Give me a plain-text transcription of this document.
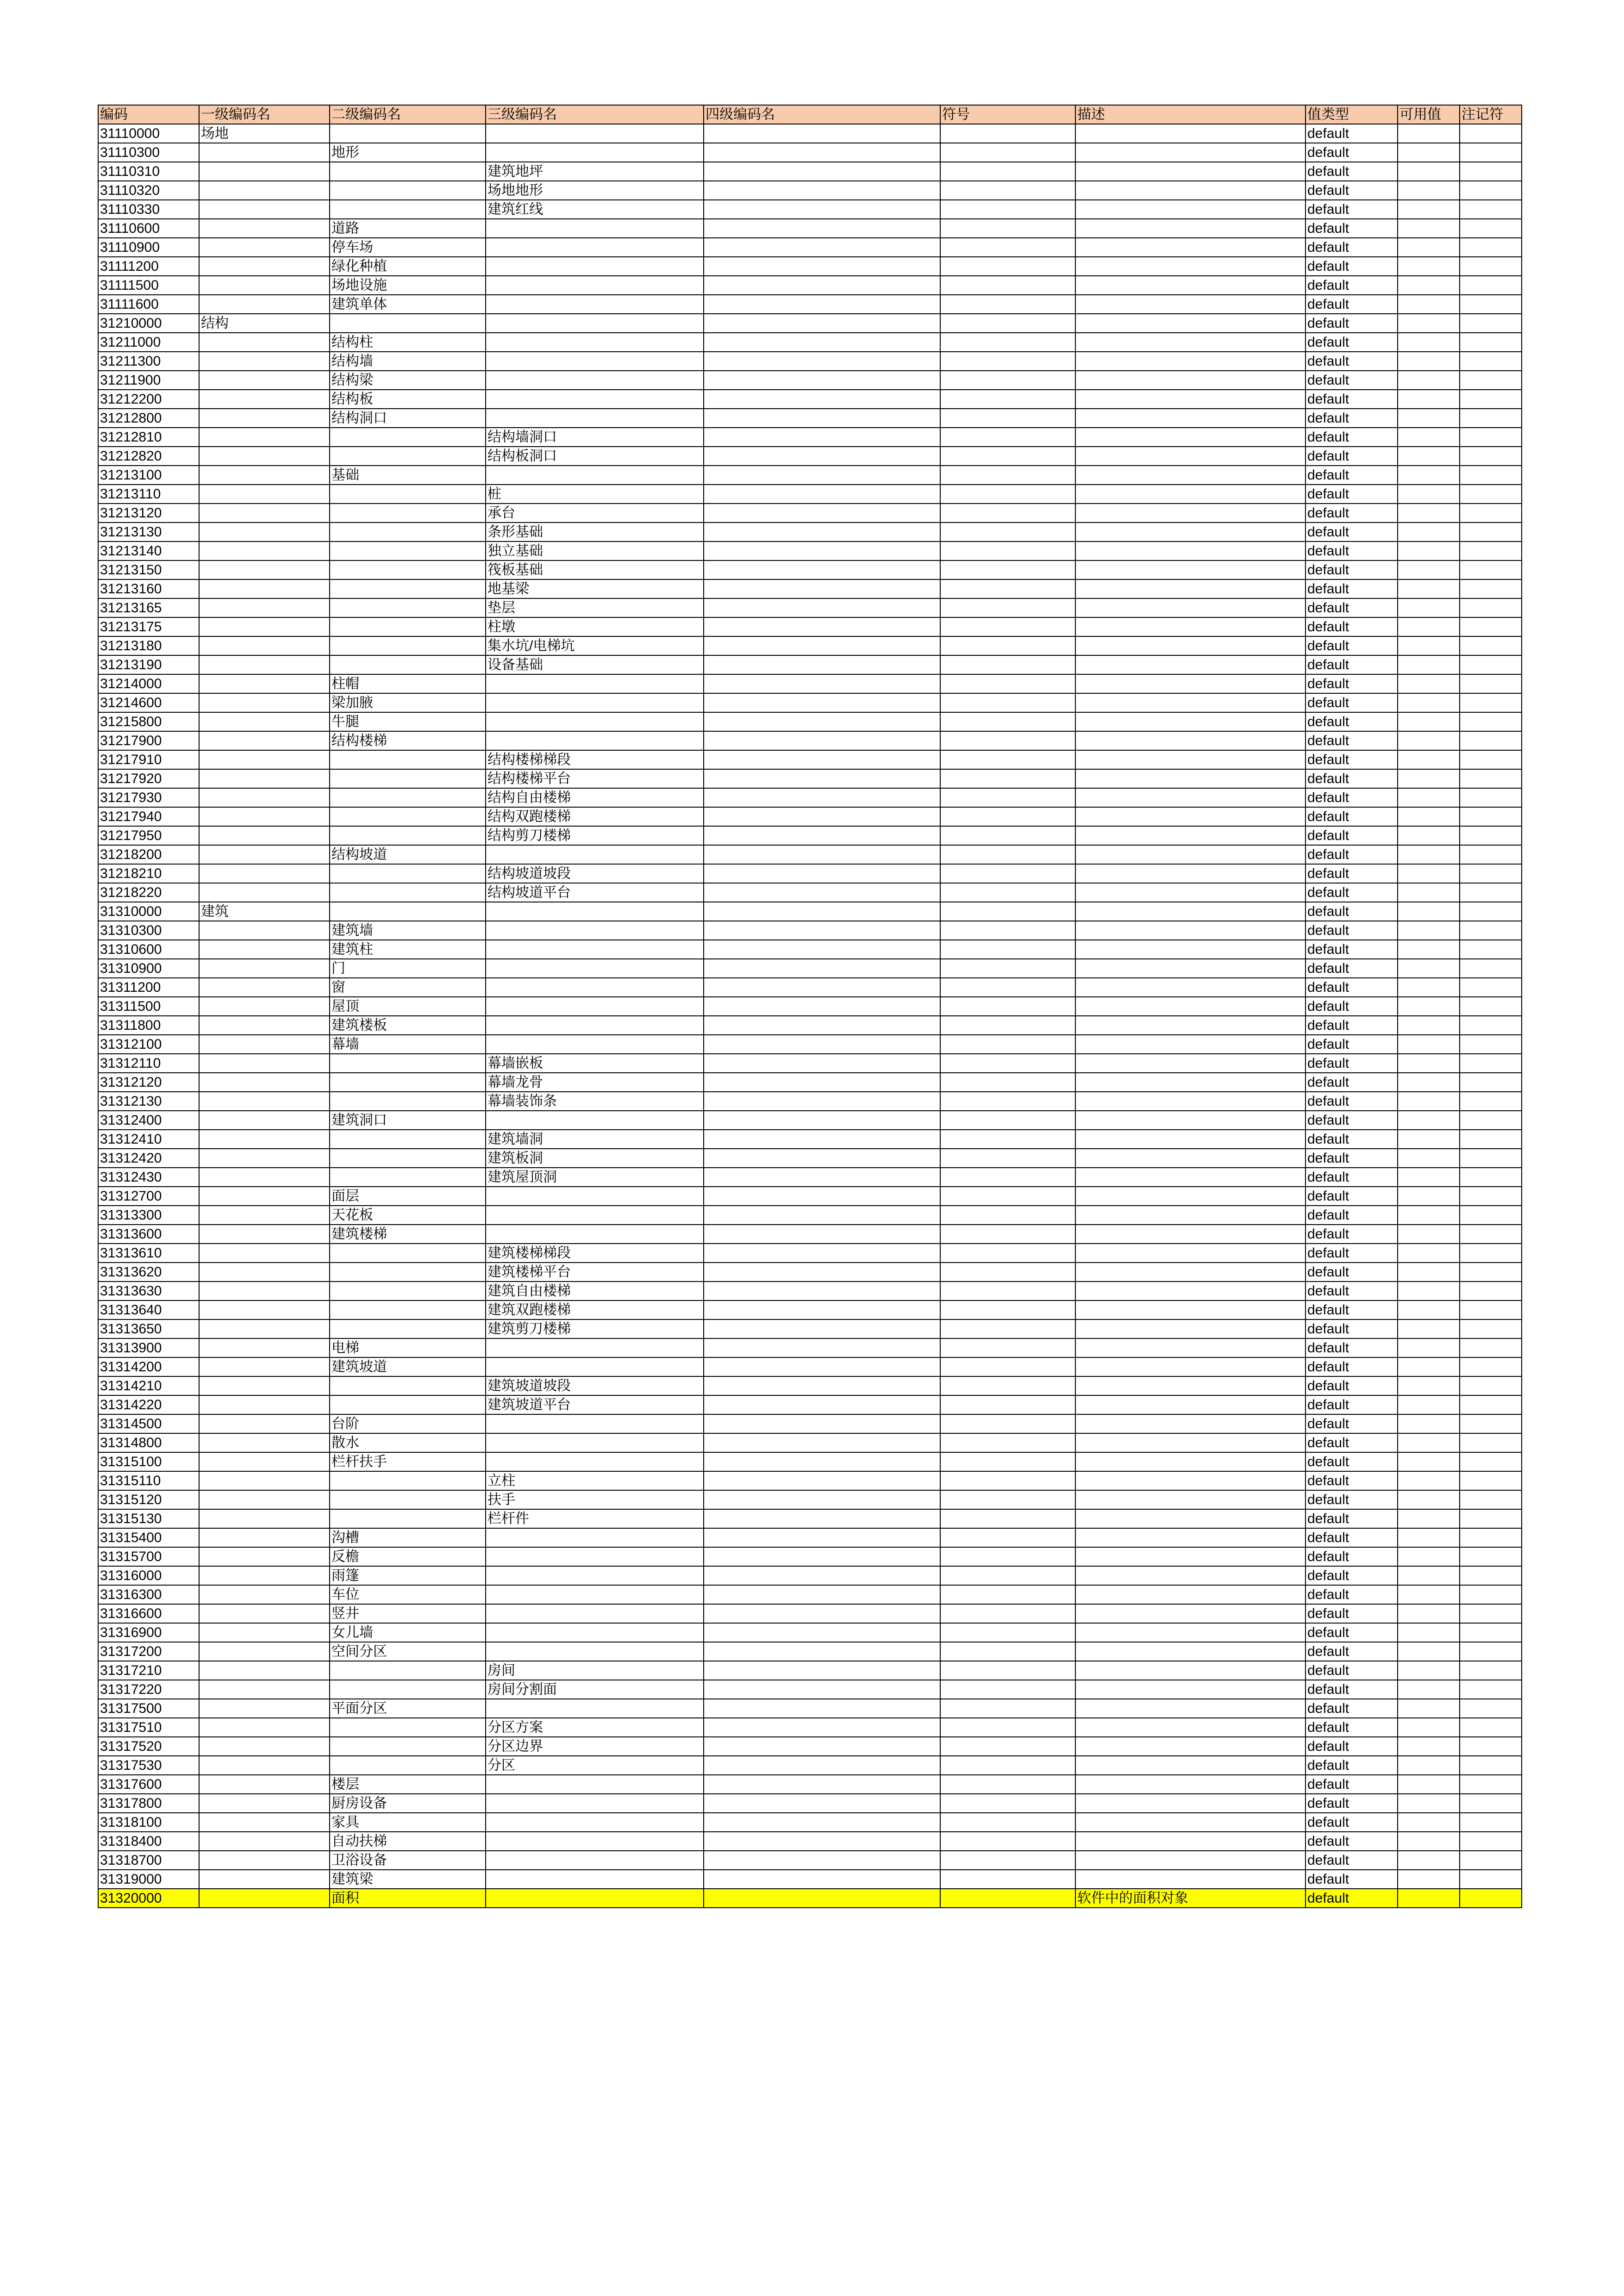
编码	一级编码名	二级编码名	三级编码名	四级编码名	符号	描述	值类型	可用值	注记符
31110000	场地						default		
31110300		地形					default		
31110310			建筑地坪				default		
31110320			场地地形				default		
31110330			建筑红线				default		
31110600		道路					default		
31110900		停车场					default		
31111200		绿化种植					default		
31111500		场地设施					default		
31111600		建筑单体					default		
31210000	结构						default		
31211000		结构柱					default		
31211300		结构墙					default		
31211900		结构梁					default		
31212200		结构板					default		
31212800		结构洞口					default		
31212810			结构墙洞口				default		
31212820			结构板洞口				default		
31213100		基础					default		
31213110			桩				default		
31213120			承台				default		
31213130			条形基础				default		
31213140			独立基础				default		
31213150			筏板基础				default		
31213160			地基梁				default		
31213165			垫层				default		
31213175			柱墩				default		
31213180			集水坑/电梯坑				default		
31213190			设备基础				default		
31214000		柱帽					default		
31214600		梁加腋					default		
31215800		牛腿					default		
31217900		结构楼梯					default		
31217910			结构楼梯梯段				default		
31217920			结构楼梯平台				default		
31217930			结构自由楼梯				default		
31217940			结构双跑楼梯				default		
31217950			结构剪刀楼梯				default		
31218200		结构坡道					default		
31218210			结构坡道坡段				default		
31218220			结构坡道平台				default		
31310000	建筑						default		
31310300		建筑墙					default		
31310600		建筑柱					default		
31310900		门					default		
31311200		窗					default		
31311500		屋顶					default		
31311800		建筑楼板					default		
31312100		幕墙					default		
31312110			幕墙嵌板				default		
31312120			幕墙龙骨				default		
31312130			幕墙装饰条				default		
31312400		建筑洞口					default		
31312410			建筑墙洞				default		
31312420			建筑板洞				default		
31312430			建筑屋顶洞				default		
31312700		面层					default		
31313300		天花板					default		
31313600		建筑楼梯					default		
31313610			建筑楼梯梯段				default		
31313620			建筑楼梯平台				default		
31313630			建筑自由楼梯				default		
31313640			建筑双跑楼梯				default		
31313650			建筑剪刀楼梯				default		
31313900		电梯					default		
31314200		建筑坡道					default		
31314210			建筑坡道坡段				default		
31314220			建筑坡道平台				default		
31314500		台阶					default		
31314800		散水					default		
31315100		栏杆扶手					default		
31315110			立柱				default		
31315120			扶手				default		
31315130			栏杆件				default		
31315400		沟槽					default		
31315700		反檐					default		
31316000		雨篷					default		
31316300		车位					default		
31316600		竖井					default		
31316900		女儿墙					default		
31317200		空间分区					default		
31317210			房间				default		
31317220			房间分割面				default		
31317500		平面分区					default		
31317510			分区方案				default		
31317520			分区边界				default		
31317530			分区				default		
31317600		楼层					default		
31317800		厨房设备					default		
31318100		家具					default		
31318400		自动扶梯					default		
31318700		卫浴设备					default		
31319000		建筑梁					default		
31320000		面积				软件中的面积对象	default		
